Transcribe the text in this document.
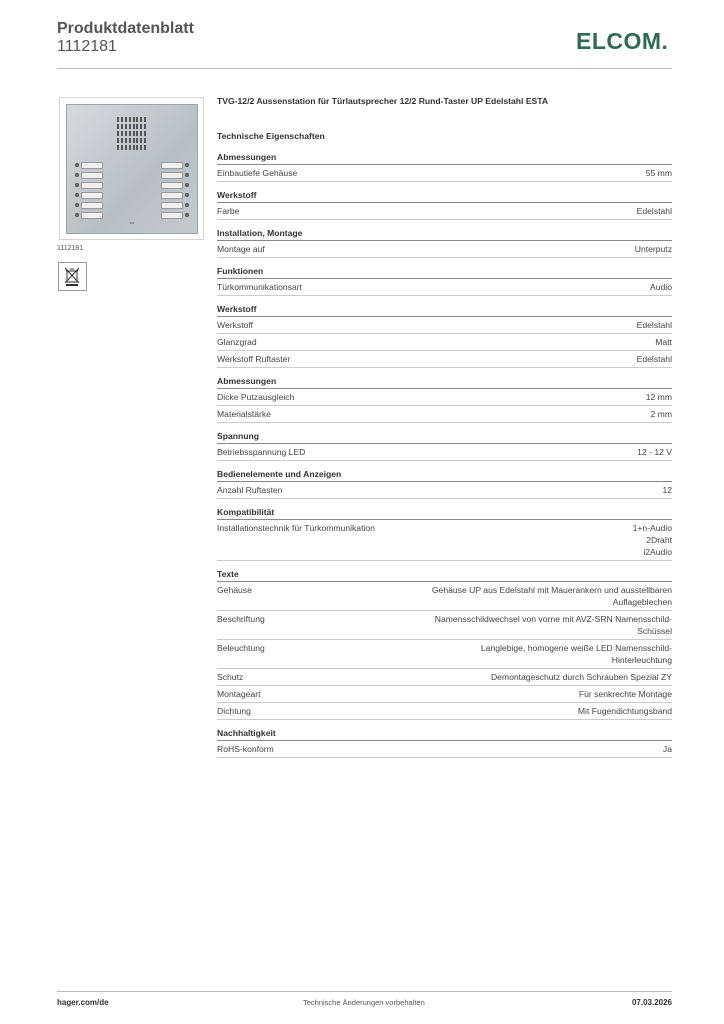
Produktdatenblatt
1112181	ELCOM.
•••
1112181
TVG-12/2 Aussenstation für Türlautsprecher 12/2 Rund-Taster UP Edelstahl ESTA
Technische Eigenschaften
Abmessungen
Einbautiefe Gehäuse	55 mm
Werkstoff
Farbe	Edelstahl
Installation, Montage
Montage auf	Unterputz
Funktionen
Türkommunikationsart	Audio
Werkstoff
Werkstoff	Edelstahl
Glanzgrad	Matt
Werkstoff Ruftaster	Edelstahl
Abmessungen
Dicke Putzausgleich	12 mm
Materialstärke	2 mm
Spannung
Betriebsspannung LED	12 - 12 V
Bedienelemente und Anzeigen
Anzahl Ruftasten	12
Kompatibilität
Installationstechnik für Türkommunikation	1+n-Audio
2Draht
i2Audio
Texte
Gehäuse	Gehäuse UP aus Edelstahl mit Mauerankern und ausstellbaren
Auflageblechen
Beschriftung	Namensschildwechsel von vorne mit AVZ-SRN Namensschild-
Schüssel
Beleuchtung	Langlebige, homogene weiße LED Namensschild-
Hinterleuchtung
Schutz	Demontageschutz durch Schrauben Spezial ZY
Montageart	Für senkrechte Montage
Dichtung	Mit Fugendichtungsband
Nachhaltigkeit
RoHS-konform	Ja
hager.com/de	Technische Änderungen vorbehalten	07.03.2026
